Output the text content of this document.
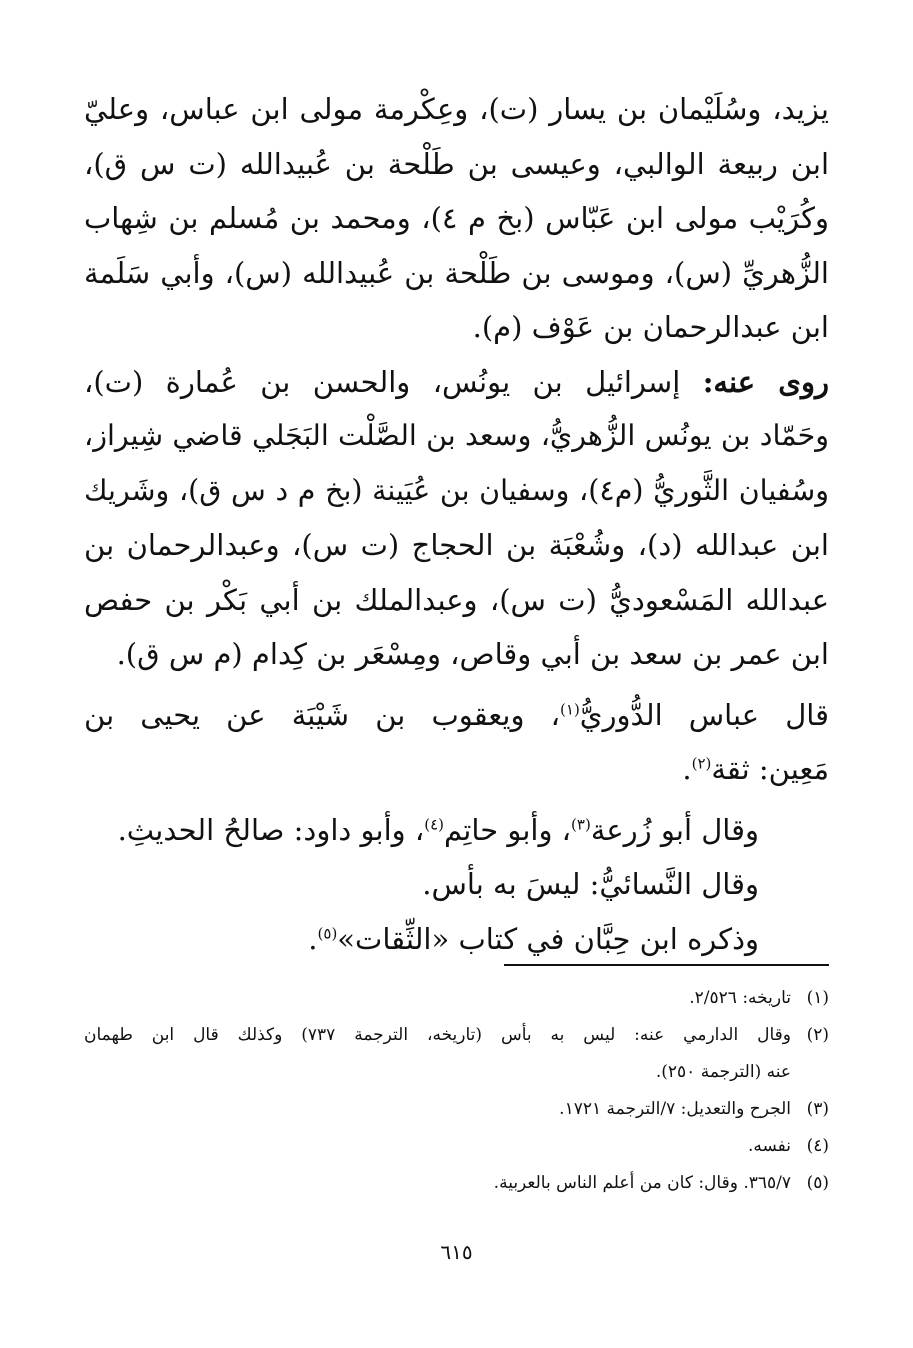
يزيد، وسُلَيْمان بن يسار (ت)، وعِكْرمة مولى ابن عباس، وعليّ
ابن ربيعة الوالبي، وعيسى بن طَلْحة بن عُبيدالله (ت س ق)،
وكُرَيْب مولى ابن عَبّاس (بخ م ٤)، ومحمد بن مُسلم بن شِهاب
الزُّهريِّ (س)، وموسى بن طَلْحة بن عُبيدالله (س)، وأبي سَلَمة
ابن عبدالرحمان بن عَوْف (م).
روى عنه: إسرائيل بن يونُس، والحسن بن عُمارة (ت)،
وحَمّاد بن يونُس الزُّهريُّ، وسعد بن الصَّلْت البَجَلي قاضي شِيراز،
وسُفيان الثَّوريُّ (م٤)، وسفيان بن عُيَينة (بخ م د س ق)، وشَريك
ابن عبدالله (د)، وشُعْبَة بن الحجاج (ت س)، وعبدالرحمان بن
عبدالله المَسْعوديُّ (ت س)، وعبدالملك بن أبي بَكْر بن حفص
ابن عمر بن سعد بن أبي وقاص، ومِسْعَر بن كِدام (م س ق).
قال عباس الدُّوريُّ$^{(١)}$، ويعقوب بن شَيْبَة عن يحيى بن
مَعِين: ثقة$^{(٢)}$.
وقال أبو زُرعة$^{(٣)}$، وأبو حاتِم$^{(٤)}$، وأبو داود: صالحُ الحديثِ.
وقال النَّسائيُّ: ليسَ به بأس.
وذكره ابن حِبَّان في كتاب «الثِّقات»$^{(٥)}$.
(١)
تاريخه: ٢/٥٢٦.
(٢)
وقال الدارمي عنه: ليس به بأس (تاريخه، الترجمة ٧٣٧) وكذلك قال ابن طهمان
عنه (الترجمة ٢٥٠).
(٣)
الجرح والتعديل: ٧/الترجمة ١٧٢١.
(٤)
نفسه.
(٥)
٣٦٥/٧. وقال: كان من أعلم الناس بالعربية.
٦١٥
